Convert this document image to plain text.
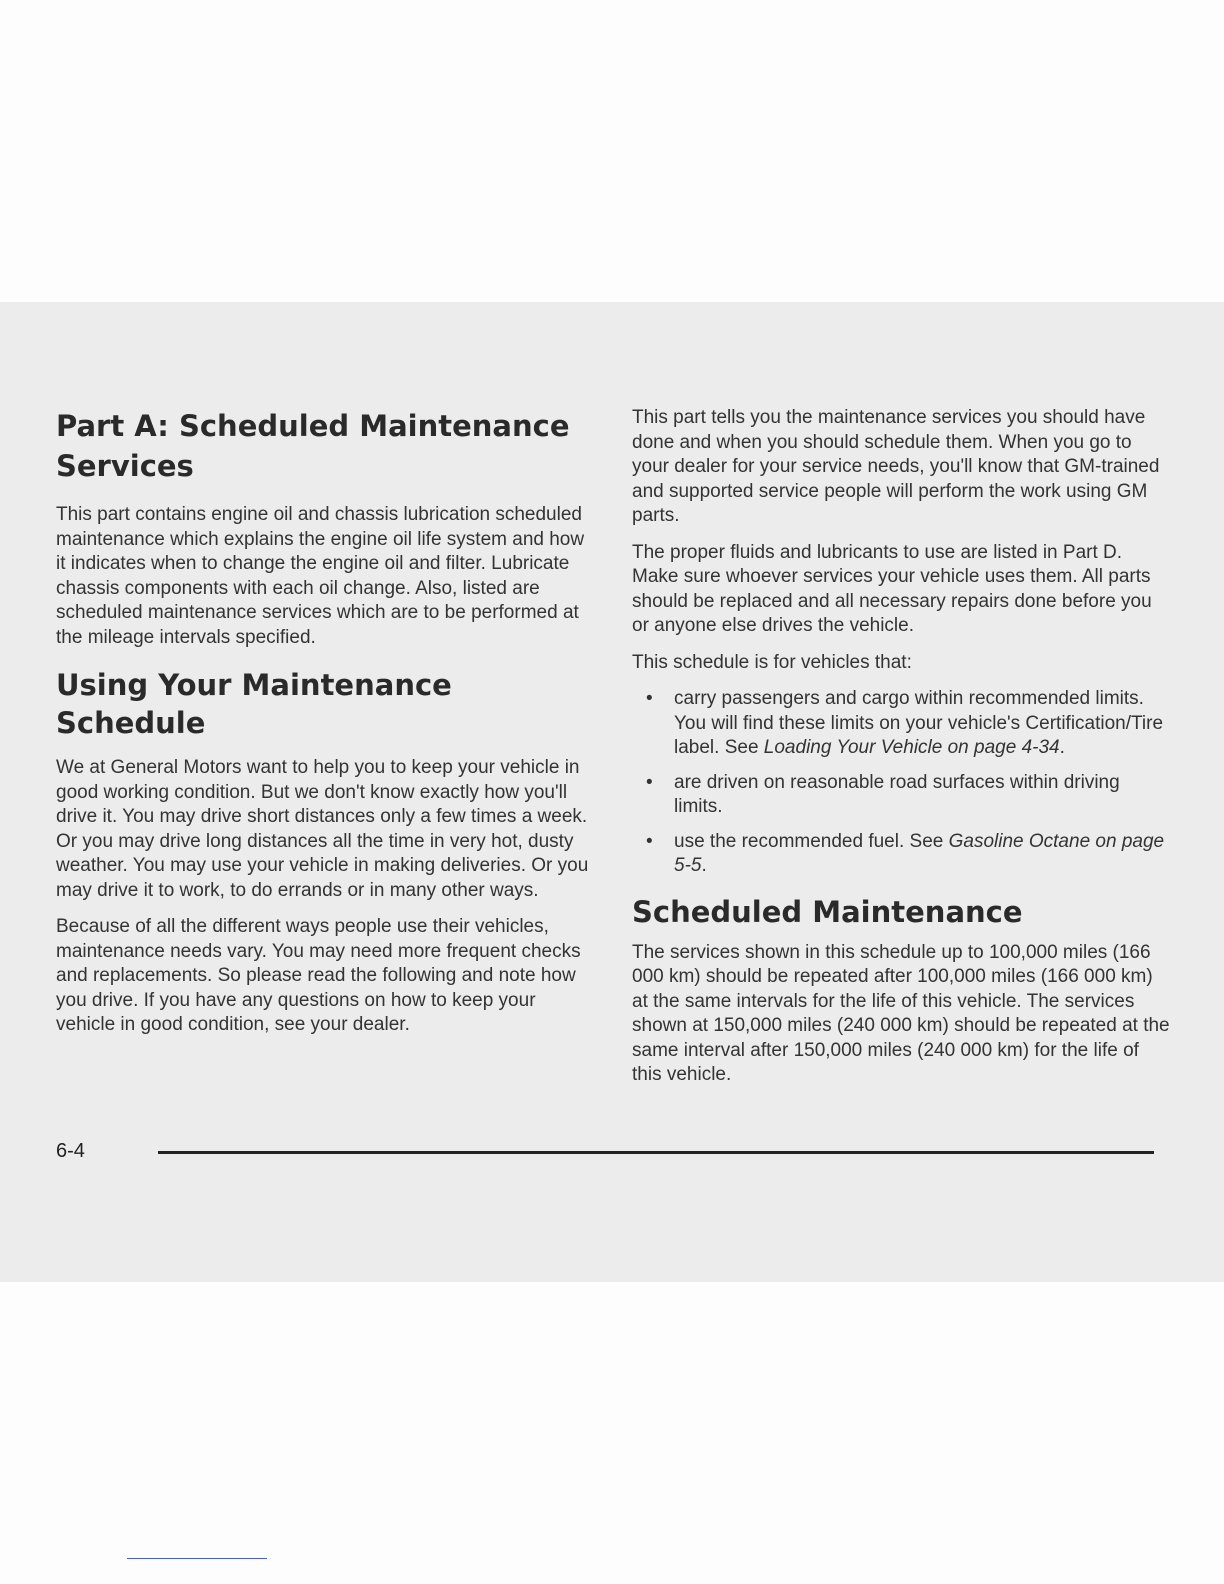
Part A: Scheduled Maintenance
Services

This part contains engine oil and chassis lubrication scheduled maintenance which explains the engine oil life system and how it indicates when to change the engine oil and filter. Lubricate chassis components with each oil change. Also, listed are scheduled maintenance services which are to be performed at the mileage intervals specified.

Using Your Maintenance Schedule

We at General Motors want to help you to keep your vehicle in good working condition. But we don't know exactly how you'll drive it. You may drive short distances only a few times a week. Or you may drive long distances all the time in very hot, dusty weather. You may use your vehicle in making deliveries. Or you may drive it to work, to do errands or in many other ways.

Because of all the different ways people use their vehicles, maintenance needs vary. You may need more frequent checks and replacements. So please read the following and note how you drive. If you have any questions on how to keep your vehicle in good condition, see your dealer.

This part tells you the maintenance services you should have done and when you should schedule them. When you go to your dealer for your service needs, you'll know that GM-trained and supported service people will perform the work using GM parts.

The proper fluids and lubricants to use are listed in Part D. Make sure whoever services your vehicle uses them. All parts should be replaced and all necessary repairs done before you or anyone else drives the vehicle.

This schedule is for vehicles that:

• carry passengers and cargo within recommended limits. You will find these limits on your vehicle's Certification/Tire label. See Loading Your Vehicle on page 4-34.
• are driven on reasonable road surfaces within driving limits.
• use the recommended fuel. See Gasoline Octane on page 5-5.
Scheduled Maintenance

The services shown in this schedule up to 100,000 miles (166 000 km) should be repeated after 100,000 miles (166 000 km) at the same intervals for the life of this vehicle. The services shown at 150,000 miles (240 000 km) should be repeated at the same interval after 150,000 miles (240 000 km) for the life of this vehicle.

6-4
